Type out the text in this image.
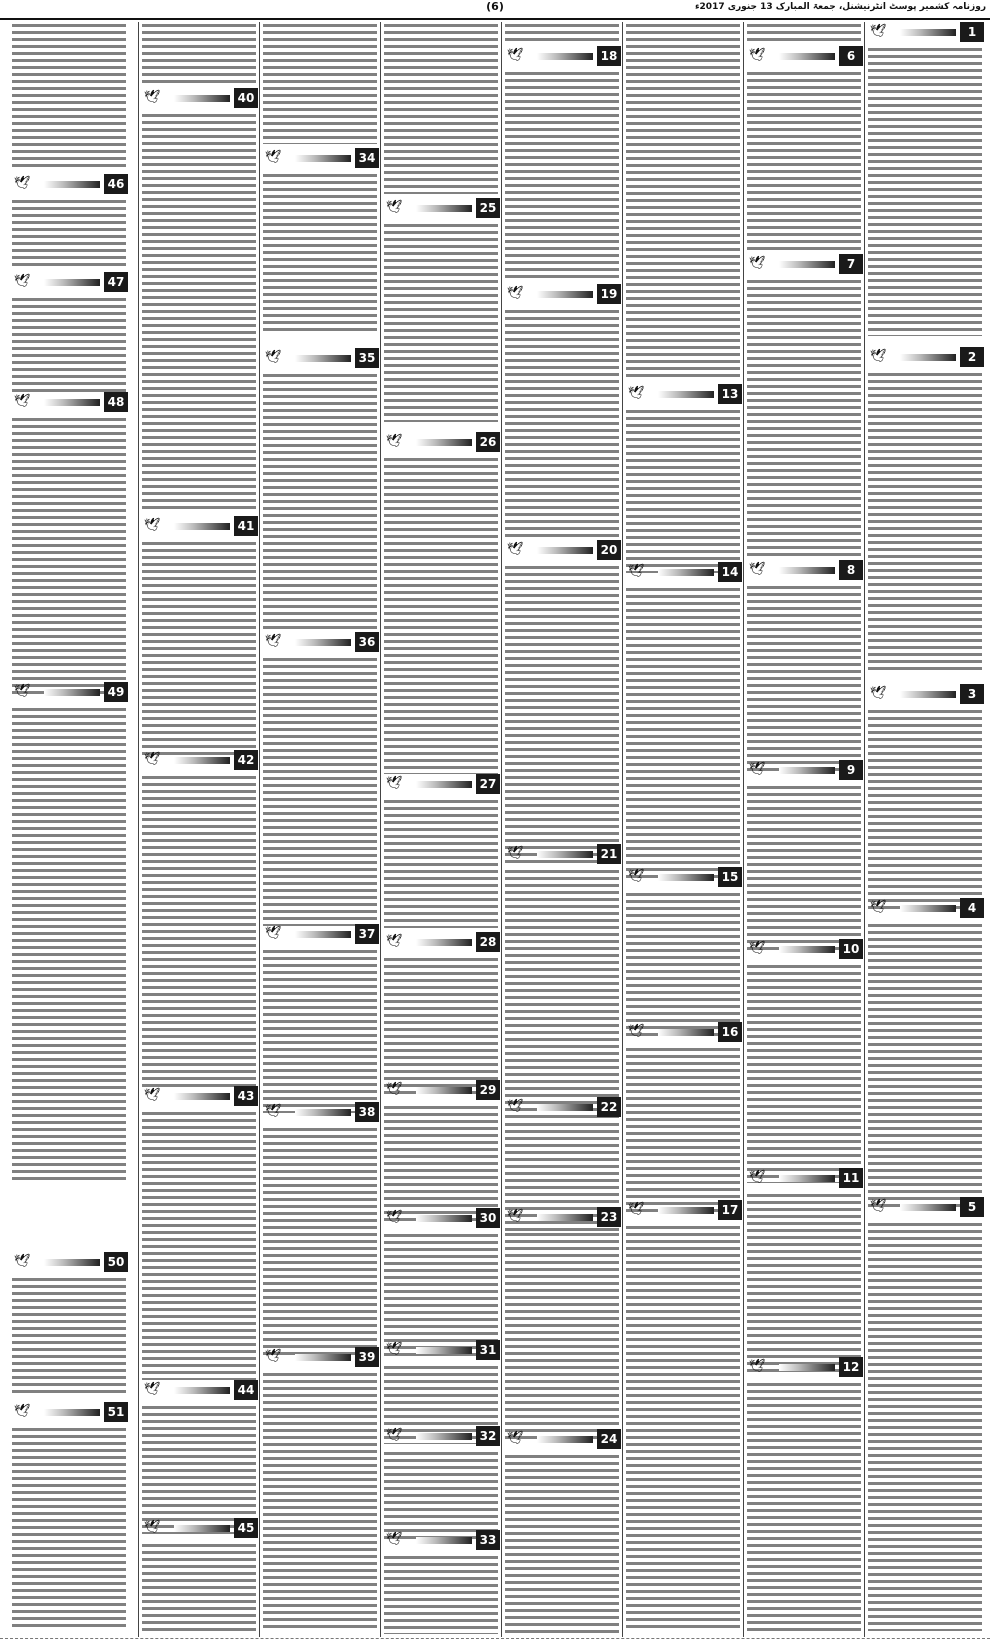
(6)	روزنامہ کشمیر پوسٹ انٹرنیشنل، جمعۃ المبارک 13 جنوری 2017ء
1
🕊
2
🕊
3
🕊
4
🕊
5
🕊
6
🕊
7
🕊
8
🕊
9
🕊
10
🕊
11
🕊
12
🕊
13
🕊
14
🕊
15
🕊
16
🕊
17
🕊
18
🕊
19
🕊
20
🕊
21
🕊
22
🕊
23
🕊
24
🕊
25
🕊
26
🕊
27
🕊
28
🕊
29
🕊
30
🕊
31
🕊
32
🕊
33
🕊
34
🕊
35
🕊
36
🕊
37
🕊
38
🕊
39
🕊
40
🕊
41
🕊
42
🕊
43
🕊
44
🕊
45
🕊
46
🕊
47
🕊
48
🕊
49
🕊
50
🕊
51
🕊
